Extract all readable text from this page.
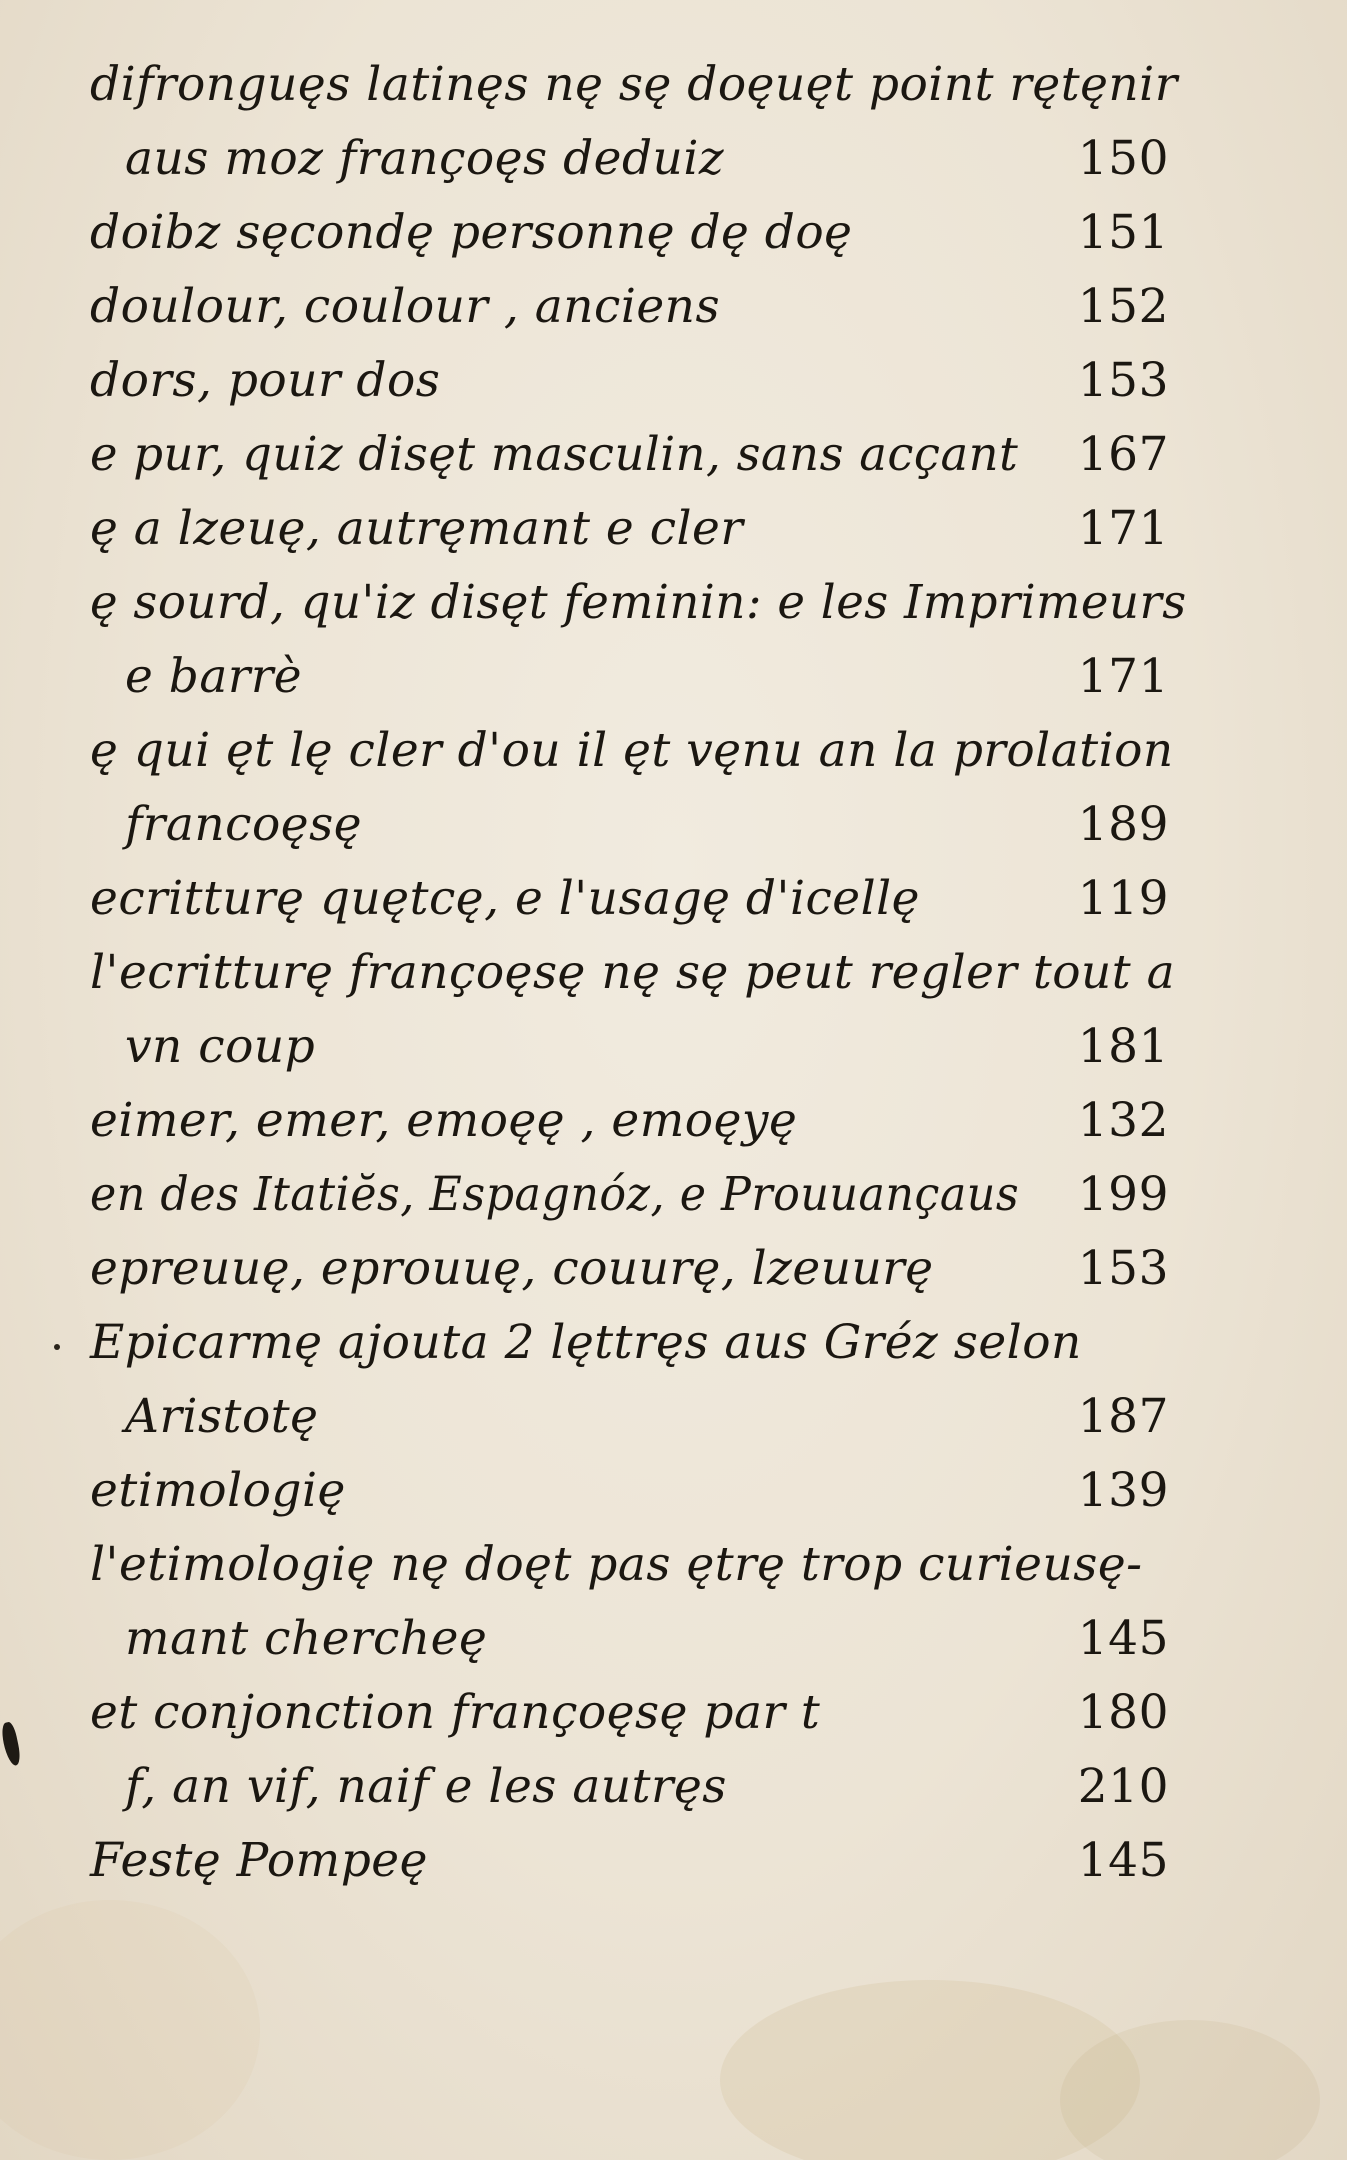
difronguęs latinęs nę sę doęuęt point rętęnir
aus moz françoęs deduiz	150
doibz sęcondę personnę dę doę	151
doulour, coulour , anciens	152
dors, pour dos	153
e pur, quiz disęt masculin, sans acçant 167
ę a lzeuę, autręmant e cler	171
ę sourd, qu'iz disęt feminin: e les Imprimeurs
e barrè	171
ę qui ęt lę cler d'ou il ęt vęnu an la prolation
francoęsę	189
ecritturę quętcę, e l'usagę d'icellę	119
l'ecritturę françoęsę nę sę peut regler tout a
vn coup	181
eimer, emer, emoęę , emoęyę	132
en des Itatiĕs, Espagnóz, e Prouuançaus 199
epreuuę, eprouuę, couurę, lzeuurę	153
Epicarmę ajouta 2 lęttręs aus Gréz selon
Aristotę	187
etimologię	139
l'etimologię nę doęt pas ętrę trop curieusę-
mant cherchеę	145
et conjonction françoęsę par t	180
f, an vif, naif e les autręs	210
Festę Pompeę	145
